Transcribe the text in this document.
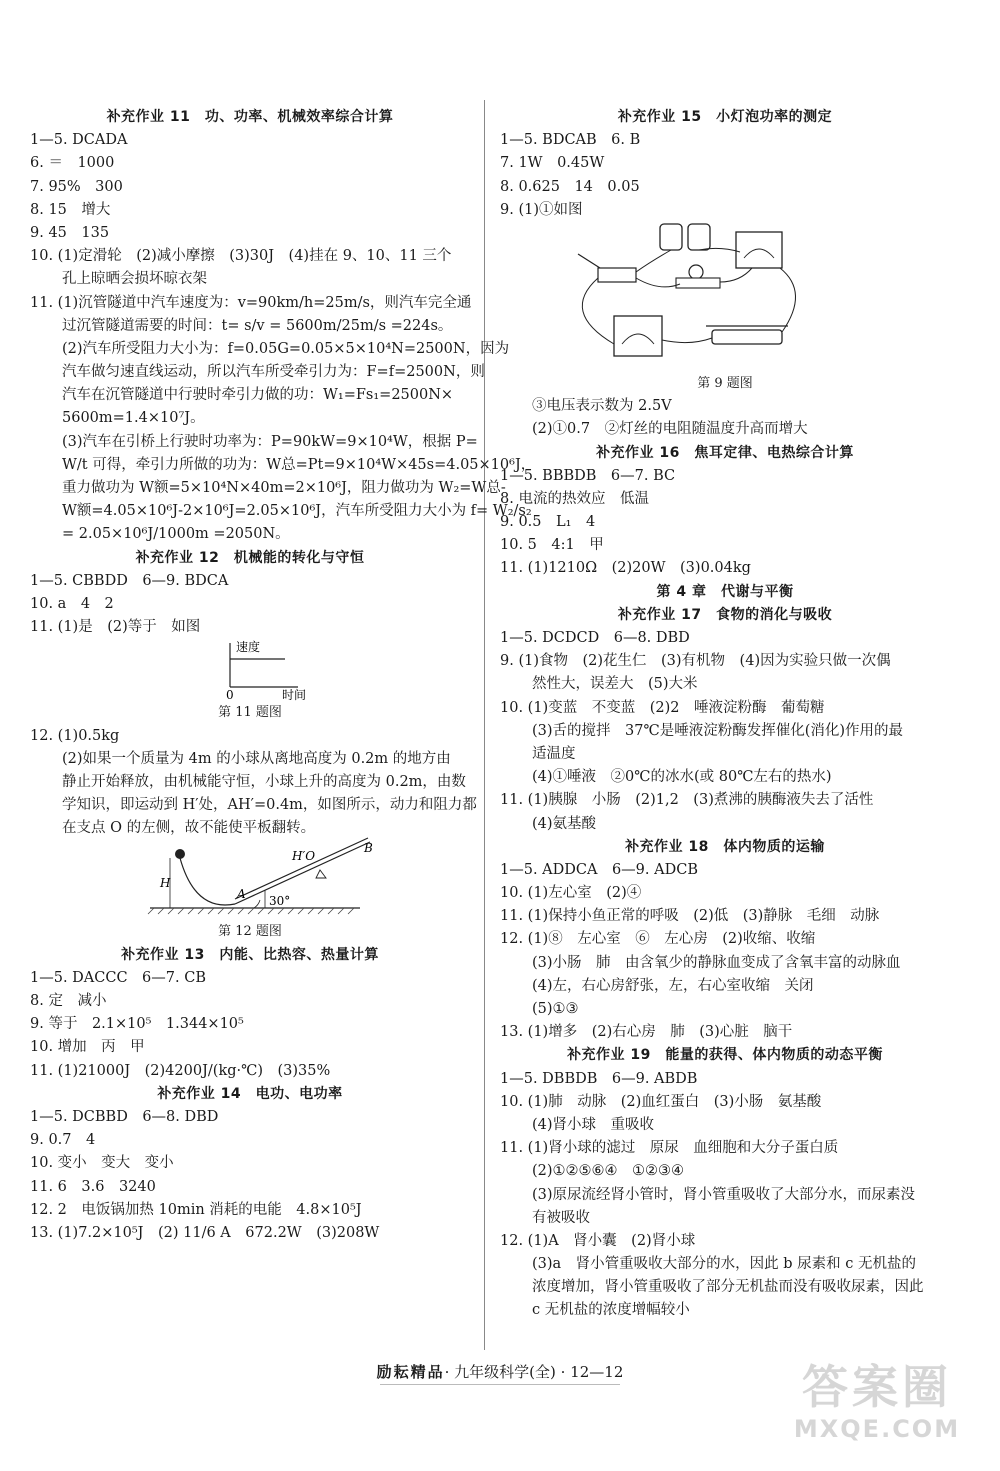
补充作业 11　功、功率、机械效率综合计算
1—5. DCADA
6. ＝　1000
7. 95%　300
8. 15　增大
9. 45　135
10. (1)定滑轮　(2)减小摩擦　(3)30J　(4)挂在 9、10、11 三个
孔上晾晒会损坏晾衣架
11. (1)沉管隧道中汽车速度为：v=90km/h=25m/s，则汽车完全通
过沉管隧道需要的时间：t= s/v = 5600m/25m/s =224s。
(2)汽车所受阻力大小为：f=0.05G=0.05×5×10⁴N=2500N，因为
汽车做匀速直线运动，所以汽车所受牵引力为：F=f=2500N，则
汽车在沉管隧道中行驶时牵引力做的功：W₁=Fs₁=2500N×
5600m=1.4×10⁷J。
(3)汽车在引桥上行驶时功率为：P=90kW=9×10⁴W，根据 P=
W/t 可得，牵引力所做的功为：W总=Pt=9×10⁴W×45s=4.05×10⁶J，
重力做功为 W额=5×10⁴N×40m=2×10⁶J，阻力做功为 W₂=W总-
W额=4.05×10⁶J-2×10⁶J=2.05×10⁶J，汽车所受阻力大小为 f= W₂/s₂
= 2.05×10⁶J/1000m =2050N。
补充作业 12　机械能的转化与守恒
1—5. CBBDD　6—9. BDCA
10. a　4　2
11. (1)是　(2)等于　如图
速度
0	时间
第 11 题图
12. (1)0.5kg
(2)如果一个质量为 4m 的小球从离地高度为 0.2m 的地方由
静止开始释放，由机械能守恒，小球上升的高度为 0.2m，由数
学知识，即运动到 H′处，AH′=0.4m，如图所示，动力和阻力都
在支点 O 的左侧，故不能使平板翻转。
H
A
H′O
B
30°
第 12 题图
补充作业 13　内能、比热容、热量计算
1—5. DACCC　6—7. CB
8. 定　减小
9. 等于　2.1×10⁵　1.344×10⁵
10. 增加　丙　甲
11. (1)21000J　(2)4200J/(kg·℃)　(3)35%
补充作业 14　电功、电功率
1—5. DCBBD　6—8. DBD
9. 0.7　4
10. 变小　变大　变小
11. 6　3.6　3240
12. 2　电饭锅加热 10min 消耗的电能　4.8×10⁵J
13. (1)7.2×10⁵J　(2) 11/6 A　672.2W　(3)208W
补充作业 15　小灯泡功率的测定
1—5. BDCAB　6. B
7. 1W　0.45W
8. 0.625　14　0.05
9. (1)①如图
第 9 题图
③电压表示数为 2.5V
(2)①0.7　②灯丝的电阻随温度升高而增大
补充作业 16　焦耳定律、电热综合计算
1—5. BBBDB　6—7. BC
8. 电流的热效应　低温
9. 0.5　L₁　4
10. 5　4:1　甲
11. (1)1210Ω　(2)20W　(3)0.04kg
第 4 章　代谢与平衡
补充作业 17　食物的消化与吸收
1—5. DCDCD　6—8. DBD
9. (1)食物　(2)花生仁　(3)有机物　(4)因为实验只做一次偶
然性大，误差大　(5)大米
10. (1)变蓝　不变蓝　(2)2　唾液淀粉酶　葡萄糖
(3)舌的搅拌　37℃是唾液淀粉酶发挥催化(消化)作用的最
适温度
(4)①唾液　②0℃的冰水(或 80℃左右的热水)
11. (1)胰腺　小肠　(2)1,2　(3)煮沸的胰酶液失去了活性
(4)氨基酸
补充作业 18　体内物质的运输
1—5. ADDCA　6—9. ADCB
10. (1)左心室　(2)④
11. (1)保持小鱼正常的呼吸　(2)低　(3)静脉　毛细　动脉
12. (1)⑧　左心室　⑥　左心房　(2)收缩、收缩
(3)小肠　肺　由含氧少的静脉血变成了含氧丰富的动脉血
(4)左，右心房舒张，左，右心室收缩　关闭
(5)①③
13. (1)增多　(2)右心房　肺　(3)心脏　脑干
补充作业 19　能量的获得、体内物质的动态平衡
1—5. DBBDB　6—9. ABDB
10. (1)肺　动脉　(2)血红蛋白　(3)小肠　氨基酸
(4)肾小球　重吸收
11. (1)肾小球的滤过　原尿　血细胞和大分子蛋白质
(2)①②⑤⑥④　①②③④
(3)原尿流经肾小管时，肾小管重吸收了大部分水，而尿素没
有被吸收
12. (1)A　肾小囊　(2)肾小球
(3)a　肾小管重吸收大部分的水，因此 b 尿素和 c 无机盐的
浓度增加，肾小管重吸收了部分无机盐而没有吸收尿素，因此
c 无机盐的浓度增幅较小
励耘精品· 九年级科学(全) · 12—12	答案圈
MXQE.COM
